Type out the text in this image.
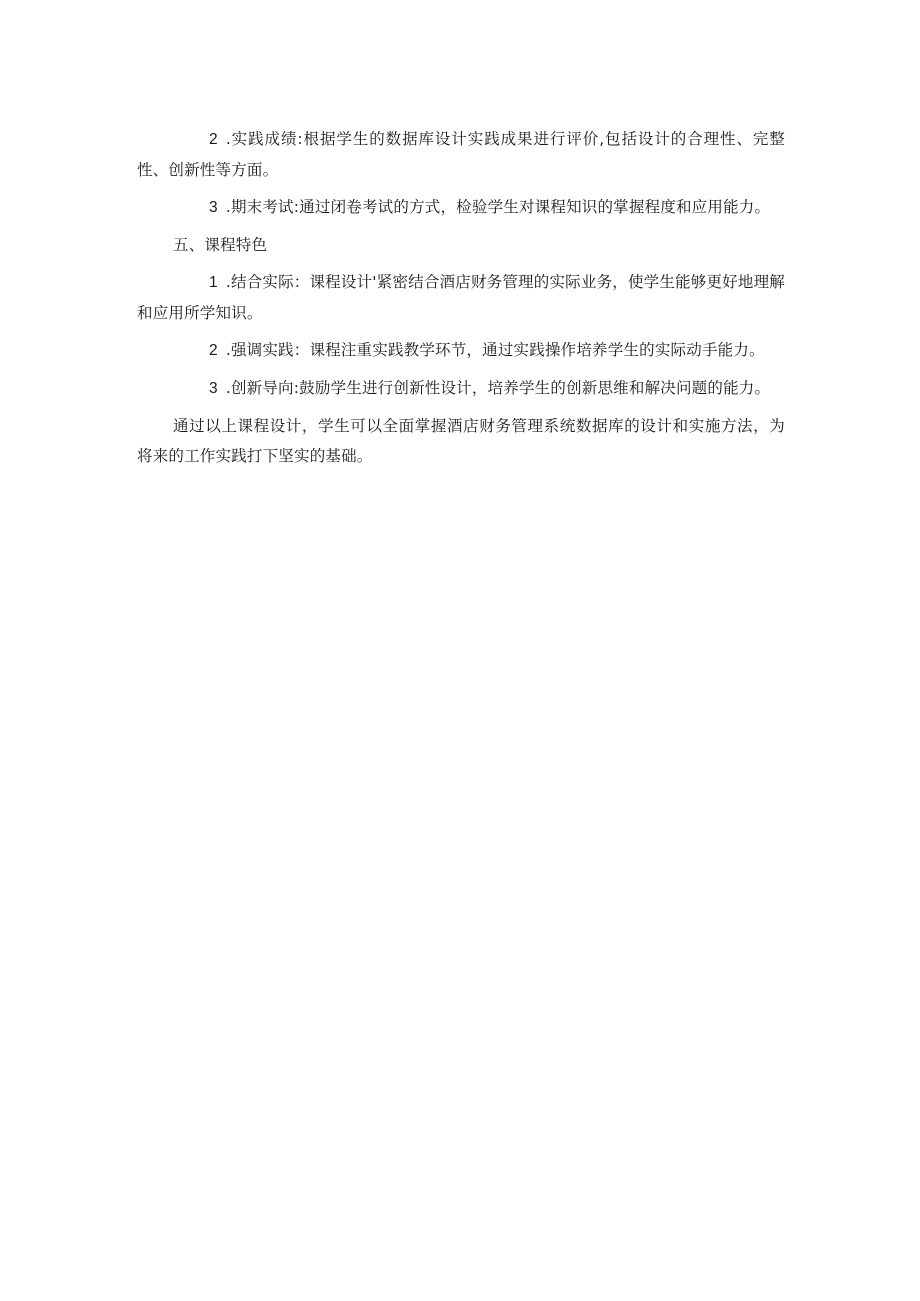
2 .实践成绩:根据学生的数据库设计实践成果进行评价,包括设计的合理性、完整性、创新性等方面。

3 .期末考试:通过闭卷考试的方式，检验学生对课程知识的掌握程度和应用能力。

五、课程特色

1 .结合实际：课程设计'紧密结合酒店财务管理的实际业务，使学生能够更好地理解和应用所学知识。

2 .强调实践：课程注重实践教学环节，通过实践操作培养学生的实际动手能力。

3 .创新导向:鼓励学生进行创新性设计，培养学生的创新思维和解决问题的能力。

通过以上课程设计，学生可以全面掌握酒店财务管理系统数据库的设计和实施方法，为将来的工作实践打下坚实的基础。
